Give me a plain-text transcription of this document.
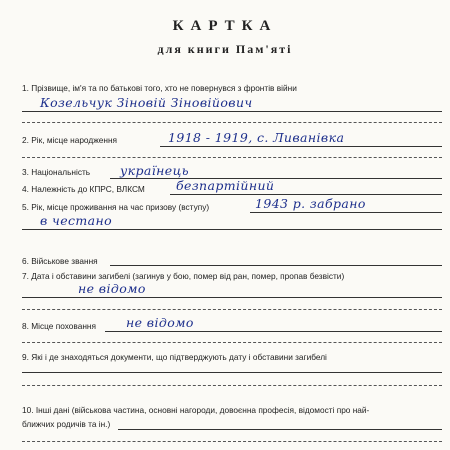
КАРТКА
для книги Пам'яті
1. Прізвище, ім'я та по батькові того, хто не повернувся з фронтів війни
Козельчук Зіновій Зіновійович
2. Рік, місце народження	1918 - 1919, с. Ливанівка
3. Національність українець
4. Належність до КПРС, ВЛКСМ безпартійний
5. Рік, місце проживання на час призову (вступу)	1943 р. забрано
в честано
6. Військове звання
7. Дата і обставини загибелі (загинув у бою, помер від ран, помер, пропав безвісти)
не відомо
8. Місце поховання не відомо
9. Які і де знаходяться документи, що підтверджують дату і обставини загибелі
10. Інші дані (військова частина, основні нагороди, довоєнна професія, відомості про най-
ближчих родичів та ін.)
